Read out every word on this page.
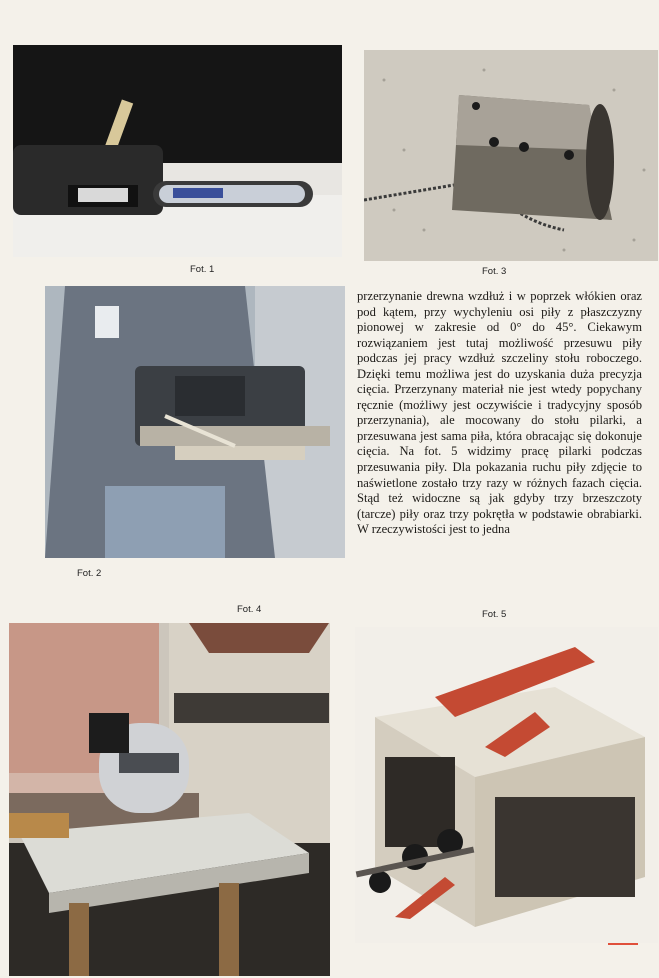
Fot. 1	Fot. 3
Fot. 2

przerzynanie drewna wzdłuż i w poprzek włókien oraz pod kątem, przy wychyleniu osi piły z płaszczyzny pionowej w zakresie od 0° do 45°. Ciekawym rozwiązaniem jest tutaj możliwość przesuwu piły podczas jej pracy wzdłuż szczeliny stołu roboczego. Dzięki temu możliwa jest do uzyskania duża precyzja cięcia. Przerzynany materiał nie jest wtedy popychany ręcznie (możliwy jest oczywiście i tradycyjny sposób przerzynania), ale mocowany do stołu pilarki, a przesuwana jest sama piła, która obracając się dokonuje cięcia. Na fot. 5 widzimy pracę pilarki podczas przesuwania piły. Dla pokazania ruchu piły zdjęcie to naświetlone zostało trzy razy w różnych fazach cięcia. Stąd też widoczne są jak gdyby trzy brzeszczoty (tarcze) piły oraz trzy pokrętła w podstawie obrabiarki. W rzeczywistości jest to jedna

Fot. 4	Fot. 5
